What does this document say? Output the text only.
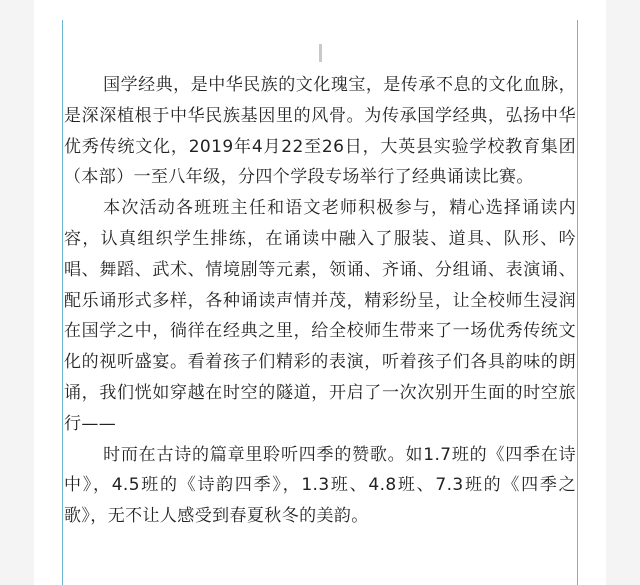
国学经典，是中华民族的文化瑰宝，是传承不息的文化血脉，是深深植根于中华民族基因里的风骨。为传承国学经典，弘扬中华优秀传统文化，2019年4月22至26日，大英县实验学校教育集团（本部）一至八年级，分四个学段专场举行了经典诵读比赛。

本次活动各班班主任和语文老师积极参与，精心选择诵读内容，认真组织学生排练，在诵读中融入了服装、道具、队形、吟唱、舞蹈、武术、情境剧等元素，领诵、齐诵、分组诵、表演诵、配乐诵形式多样，各种诵读声情并茂，精彩纷呈，让全校师生浸润在国学之中，徜徉在经典之里，给全校师生带来了一场优秀传统文化的视听盛宴。看着孩子们精彩的表演，听着孩子们各具韵味的朗诵，我们恍如穿越在时空的隧道，开启了一次次别开生面的时空旅行——

时而在古诗的篇章里聆听四季的赞歌。如1.7班的《四季在诗中》，4.5班的《诗韵四季》，1.3班、4.8班、7.3班的《四季之歌》，无不让人感受到春夏秋冬的美韵。
